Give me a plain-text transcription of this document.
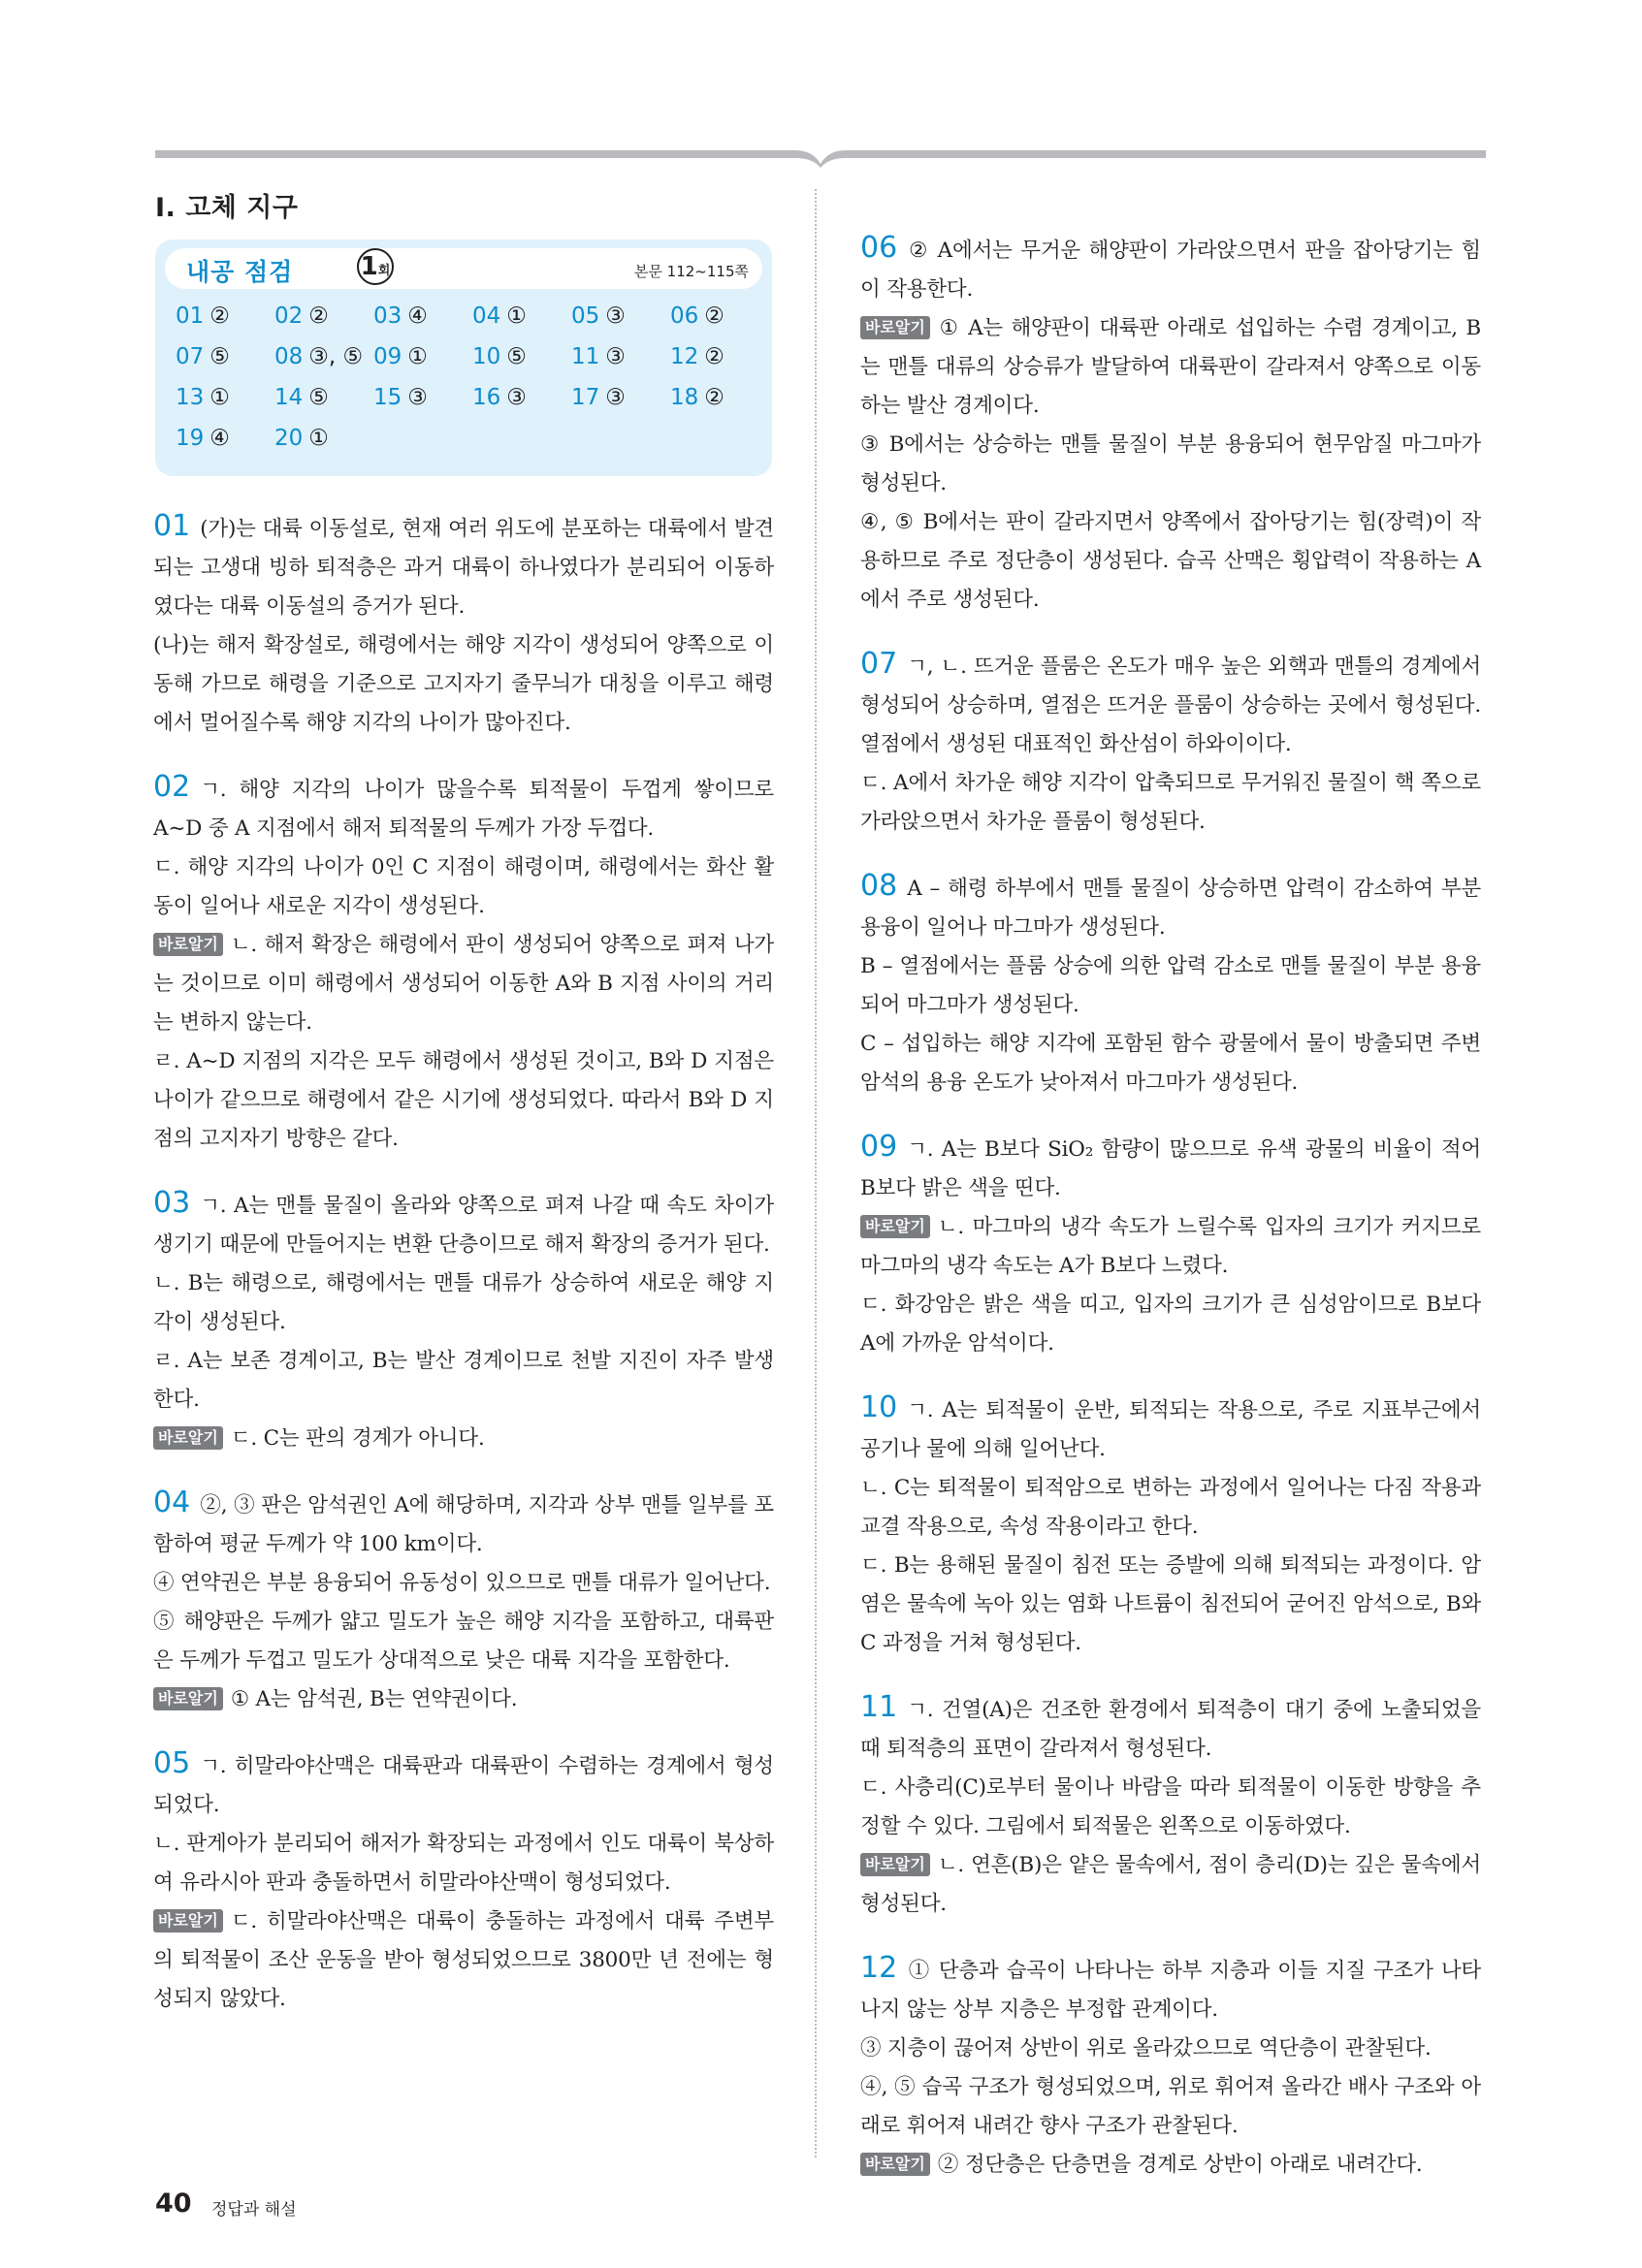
I. 고체 지구
내공 점검	1 회	본문 112~115쪽
01 ② 02 ② 03 ④ 04 ① 05 ③ 06 ②
07 ⑤ 08 ③, ⑤ 09 ① 10 ⑤ 11 ③ 12 ②
13 ① 14 ⑤ 15 ③ 16 ③ 17 ③ 18 ②
19 ④ 20 ①

01 (가)는 대륙 이동설로, 현재 여러 위도에 분포하는 대륙에서 발견되는 고생대 빙하 퇴적층은 과거 대륙이 하나였다가 분리되어 이동하였다는 대륙 이동설의 증거가 된다.

(나)는 해저 확장설로, 해령에서는 해양 지각이 생성되어 양쪽으로 이동해 가므로 해령을 기준으로 고지자기 줄무늬가 대칭을 이루고 해령에서 멀어질수록 해양 지각의 나이가 많아진다.

02 ㄱ. 해양 지각의 나이가 많을수록 퇴적물이 두껍게 쌓이므로 A~D 중 A 지점에서 해저 퇴적물의 두께가 가장 두껍다.

ㄷ. 해양 지각의 나이가 0인 C 지점이 해령이며, 해령에서는 화산 활동이 일어나 새로운 지각이 생성된다.

바로알기 ㄴ. 해저 확장은 해령에서 판이 생성되어 양쪽으로 펴져 나가는 것이므로 이미 해령에서 생성되어 이동한 A와 B 지점 사이의 거리는 변하지 않는다.

ㄹ. A~D 지점의 지각은 모두 해령에서 생성된 것이고, B와 D 지점은 나이가 같으므로 해령에서 같은 시기에 생성되었다. 따라서 B와 D 지점의 고지자기 방향은 같다.

03 ㄱ. A는 맨틀 물질이 올라와 양쪽으로 펴져 나갈 때 속도 차이가 생기기 때문에 만들어지는 변환 단층이므로 해저 확장의 증거가 된다.

ㄴ. B는 해령으로, 해령에서는 맨틀 대류가 상승하여 새로운 해양 지각이 생성된다.

ㄹ. A는 보존 경계이고, B는 발산 경계이므로 천발 지진이 자주 발생한다.

바로알기 ㄷ. C는 판의 경계가 아니다.

04 ②, ③ 판은 암석권인 A에 해당하며, 지각과 상부 맨틀 일부를 포함하여 평균 두께가 약 100 km이다.

④ 연약권은 부분 용융되어 유동성이 있으므로 맨틀 대류가 일어난다.

⑤ 해양판은 두께가 얇고 밀도가 높은 해양 지각을 포함하고, 대륙판은 두께가 두껍고 밀도가 상대적으로 낮은 대륙 지각을 포함한다.

바로알기 ① A는 암석권, B는 연약권이다.

05 ㄱ. 히말라야산맥은 대륙판과 대륙판이 수렴하는 경계에서 형성되었다.

ㄴ. 판게아가 분리되어 해저가 확장되는 과정에서 인도 대륙이 북상하여 유라시아 판과 충돌하면서 히말라야산맥이 형성되었다.

바로알기 ㄷ. 히말라야산맥은 대륙이 충돌하는 과정에서 대륙 주변부의 퇴적물이 조산 운동을 받아 형성되었으므로 3800만 년 전에는 형성되지 않았다.

06 ② A에서는 무거운 해양판이 가라앉으면서 판을 잡아당기는 힘이 작용한다.

바로알기 ① A는 해양판이 대륙판 아래로 섭입하는 수렴 경계이고, B는 맨틀 대류의 상승류가 발달하여 대륙판이 갈라져서 양쪽으로 이동하는 발산 경계이다.

③ B에서는 상승하는 맨틀 물질이 부분 용융되어 현무암질 마그마가 형성된다.

④, ⑤ B에서는 판이 갈라지면서 양쪽에서 잡아당기는 힘(장력)이 작용하므로 주로 정단층이 생성된다. 습곡 산맥은 횡압력이 작용하는 A에서 주로 생성된다.

07 ㄱ, ㄴ. 뜨거운 플룸은 온도가 매우 높은 외핵과 맨틀의 경계에서 형성되어 상승하며, 열점은 뜨거운 플룸이 상승하는 곳에서 형성된다. 열점에서 생성된 대표적인 화산섬이 하와이이다.

ㄷ. A에서 차가운 해양 지각이 압축되므로 무거워진 물질이 핵 쪽으로 가라앉으면서 차가운 플룸이 형성된다.

08 A – 해령 하부에서 맨틀 물질이 상승하면 압력이 감소하여 부분 용융이 일어나 마그마가 생성된다.

B – 열점에서는 플룸 상승에 의한 압력 감소로 맨틀 물질이 부분 용융되어 마그마가 생성된다.

C – 섭입하는 해양 지각에 포함된 함수 광물에서 물이 방출되면 주변 암석의 용융 온도가 낮아져서 마그마가 생성된다.

09 ㄱ. A는 B보다 SiO₂ 함량이 많으므로 유색 광물의 비율이 적어 B보다 밝은 색을 띤다.

바로알기 ㄴ. 마그마의 냉각 속도가 느릴수록 입자의 크기가 커지므로 마그마의 냉각 속도는 A가 B보다 느렸다.

ㄷ. 화강암은 밝은 색을 띠고, 입자의 크기가 큰 심성암이므로 B보다 A에 가까운 암석이다.

10 ㄱ. A는 퇴적물이 운반, 퇴적되는 작용으로, 주로 지표부근에서 공기나 물에 의해 일어난다.

ㄴ. C는 퇴적물이 퇴적암으로 변하는 과정에서 일어나는 다짐 작용과 교결 작용으로, 속성 작용이라고 한다.

ㄷ. B는 용해된 물질이 침전 또는 증발에 의해 퇴적되는 과정이다. 암염은 물속에 녹아 있는 염화 나트륨이 침전되어 굳어진 암석으로, B와 C 과정을 거쳐 형성된다.

11 ㄱ. 건열(A)은 건조한 환경에서 퇴적층이 대기 중에 노출되었을 때 퇴적층의 표면이 갈라져서 형성된다.

ㄷ. 사층리(C)로부터 물이나 바람을 따라 퇴적물이 이동한 방향을 추정할 수 있다. 그림에서 퇴적물은 왼쪽으로 이동하였다.

바로알기 ㄴ. 연흔(B)은 얕은 물속에서, 점이 층리(D)는 깊은 물속에서 형성된다.

12 ① 단층과 습곡이 나타나는 하부 지층과 이들 지질 구조가 나타나지 않는 상부 지층은 부정합 관계이다.

③ 지층이 끊어져 상반이 위로 올라갔으므로 역단층이 관찰된다.

④, ⑤ 습곡 구조가 형성되었으며, 위로 휘어져 올라간 배사 구조와 아래로 휘어져 내려간 향사 구조가 관찰된다.

바로알기 ② 정단층은 단층면을 경계로 상반이 아래로 내려간다.

40 정답과 해설
